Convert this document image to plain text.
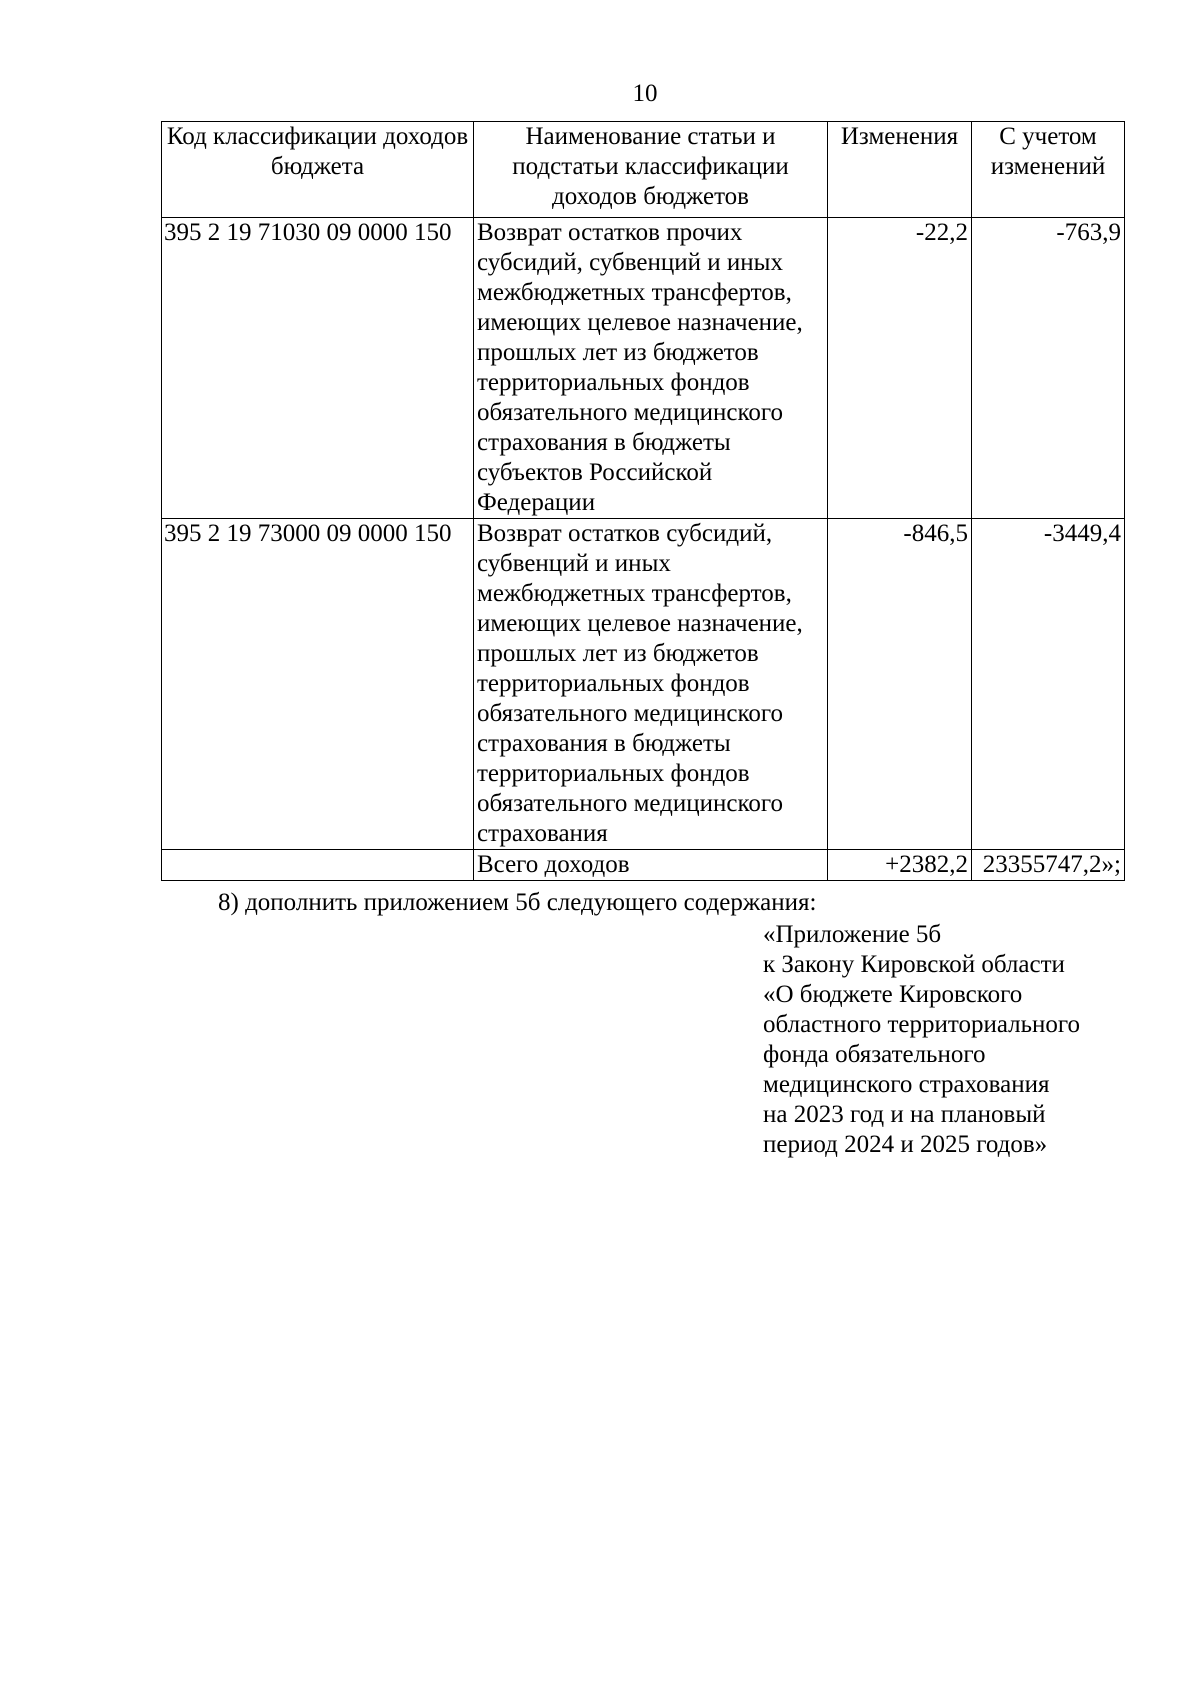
10
Код классификации доходов бюджета	Наименование статьи и подстатьи классификации доходов бюджетов	Изменения	С учетом изменений
395 2 19 71030 09 0000 150	Возврат остатков прочих субсидий, субвенций и иных межбюджетных трансфертов, имеющих целевое назначение, прошлых лет из бюджетов территориальных фондов обязательного медицинского страхования в бюджеты субъектов Российской Федерации	-22,2	-763,9
395 2 19 73000 09 0000 150	Возврат остатков субсидий, субвенций и иных межбюджетных трансфертов, имеющих целевое назначение, прошлых лет из бюджетов территориальных фондов обязательного медицинского страхования в бюджеты территориальных фондов обязательного медицинского страхования	-846,5	-3449,4
	Всего доходов	+2382,2	23355747,2»;
8) дополнить приложением 5б следующего содержания:
«Приложение 5б
к Закону Кировской области
«О бюджете Кировского
областного территориального
фонда обязательного
медицинского страхования
на 2023 год и на плановый
период 2024 и 2025 годов»
